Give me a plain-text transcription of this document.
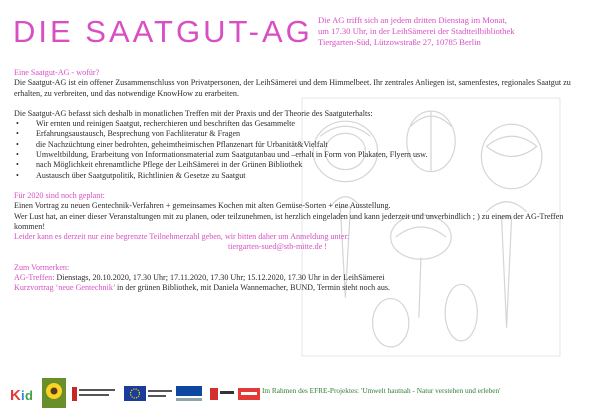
DIE SAATGUT-AG Die AG trifft sich an jedem dritten Dienstag im Monat,
um 17.30 Uhr, in der LeihSämerei der Stadtteilbibliothek
Tiergarten-Süd, Lützowstraße 27, 10785 Berlin

Eine Saatgut-AG - wofür?

Die Saatgut-AG ist ein offener Zusammenschluss von Privatpersonen, der LeihSämerei und dem Himmelbeet. Ihr zentrales Anliegen ist, samenfestes, regionales Saatgut zu erhalten, zu verbreiten, und das notwendige KnowHow zu erarbeiten.

Die Saatgut-AG befasst sich deshalb in monatlichen Treffen mit der Praxis und der Theorie des Saatguterhalts:

• Wir ernten und reinigen Saatgut, recherchieren und beschriften das Gesammelte
• Erfahrungsaustausch, Besprechung von Fachliteratur & Fragen
• die Nachzüchtung einer bedrohten, geheimtheimischen Pflanzenart für Urbanität&Vielfalt
• Umweltbildung, Erarbeitung von Informationsmaterial zum Saatgutanbau und –erhalt in Form von Plakaten, Flyern usw.
• nach Möglichkeit ehrenamtliche Pflege der LeihSämerei in der Grünen Bibliothek
• Austausch über Saatgutpolitik, Richtlinien & Gesetze zu Saatgut

Für 2020 sind noch geplant:

Einen Vortrag zu neuen Gentechnik-Verfahren + gemeinsames Kochen mit alten Gemüse-Sorten + eine Ausstellung.

Wer Lust hat, an einer dieser Veranstaltungen mit zu planen, oder teilzunehmen, ist herzlich eingeladen und kann jederzeit und unverbindlich ; ) zu einem der AG-Treffen kommen!

Leider kann es derzeit nur eine begrenzte Teilnehmerzahl geben, wir bitten daher um Anmeldung unter:

tiergarten-sued@stb-mitte.de !

Zum Vormerken:

AG-Treffen: Dienstags, 20.10.2020, 17.30 Uhr; 17.11.2020, 17.30 Uhr; 15.12.2020, 17.30 Uhr in der LeihSämerei

Kurzvortrag ‘neue Gentechnik’ in der grünen Bibliothek, mit Daniela Wannemacher, BUND, Termin steht noch aus.

K i d	Im Rahmen des EFRE-Projektes: 'Umwelt hautnah - Natur verstehen und erleben'
